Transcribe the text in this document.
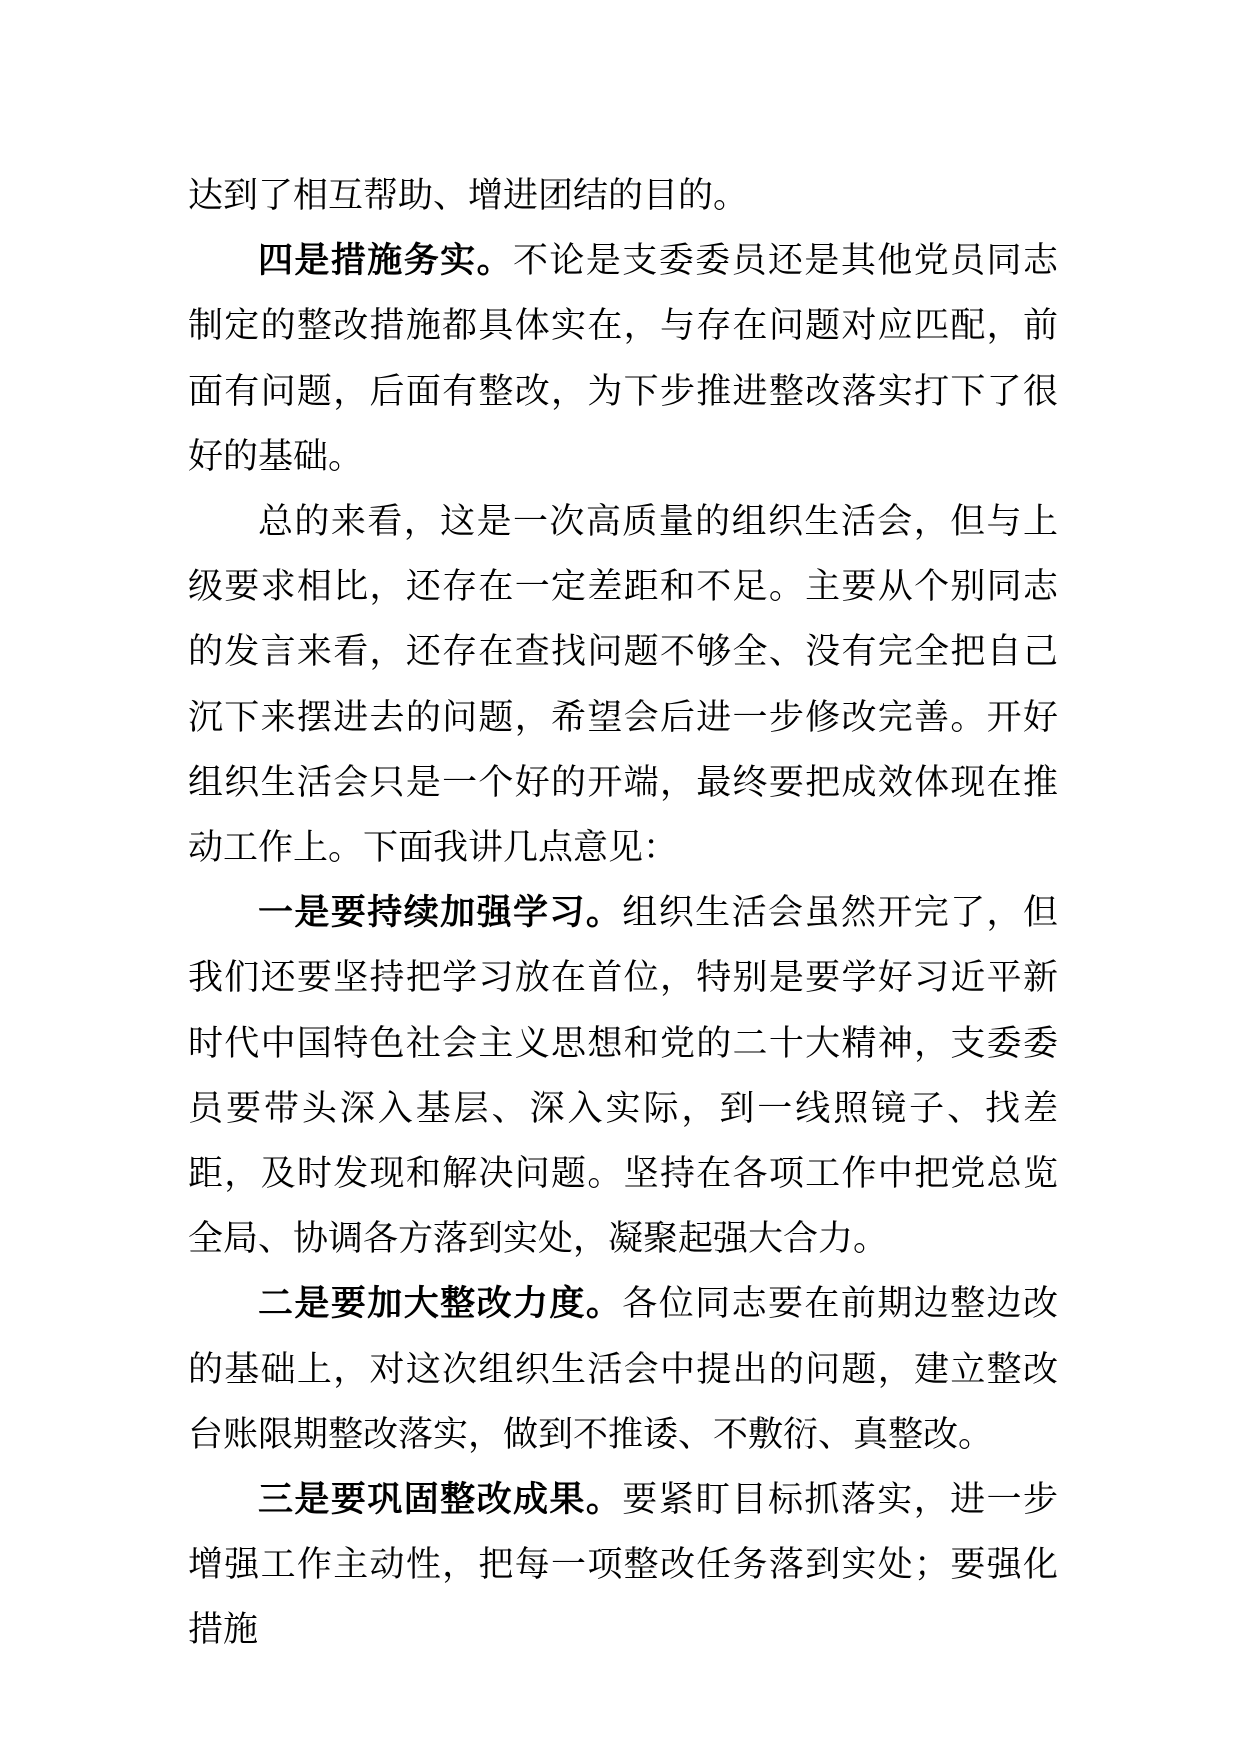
达到了相互帮助、增进团结的目的。

四是措施务实。不论是支委委员还是其他党员同志制定的整改措施都具体实在，与存在问题对应匹配，前面有问题，后面有整改，为下步推进整改落实打下了很好的基础。

总的来看，这是一次高质量的组织生活会，但与上级要求相比，还存在一定差距和不足。主要从个别同志的发言来看，还存在查找问题不够全、没有完全把自己沉下来摆进去的问题，希望会后进一步修改完善。开好组织生活会只是一个好的开端，最终要把成效体现在推动工作上。下面我讲几点意见：

一是要持续加强学习。组织生活会虽然开完了，但我们还要坚持把学习放在首位，特别是要学好习近平新时代中国特色社会主义思想和党的二十大精神，支委委员要带头深入基层、深入实际，到一线照镜子、找差距，及时发现和解决问题。坚持在各项工作中把党总览全局、协调各方落到实处，凝聚起强大合力。

二是要加大整改力度。各位同志要在前期边整边改的基础上，对这次组织生活会中提出的问题，建立整改台账限期整改落实，做到不推诿、不敷衍、真整改。

三是要巩固整改成果。要紧盯目标抓落实，进一步增强工作主动性，把每一项整改任务落到实处；要强化措施
